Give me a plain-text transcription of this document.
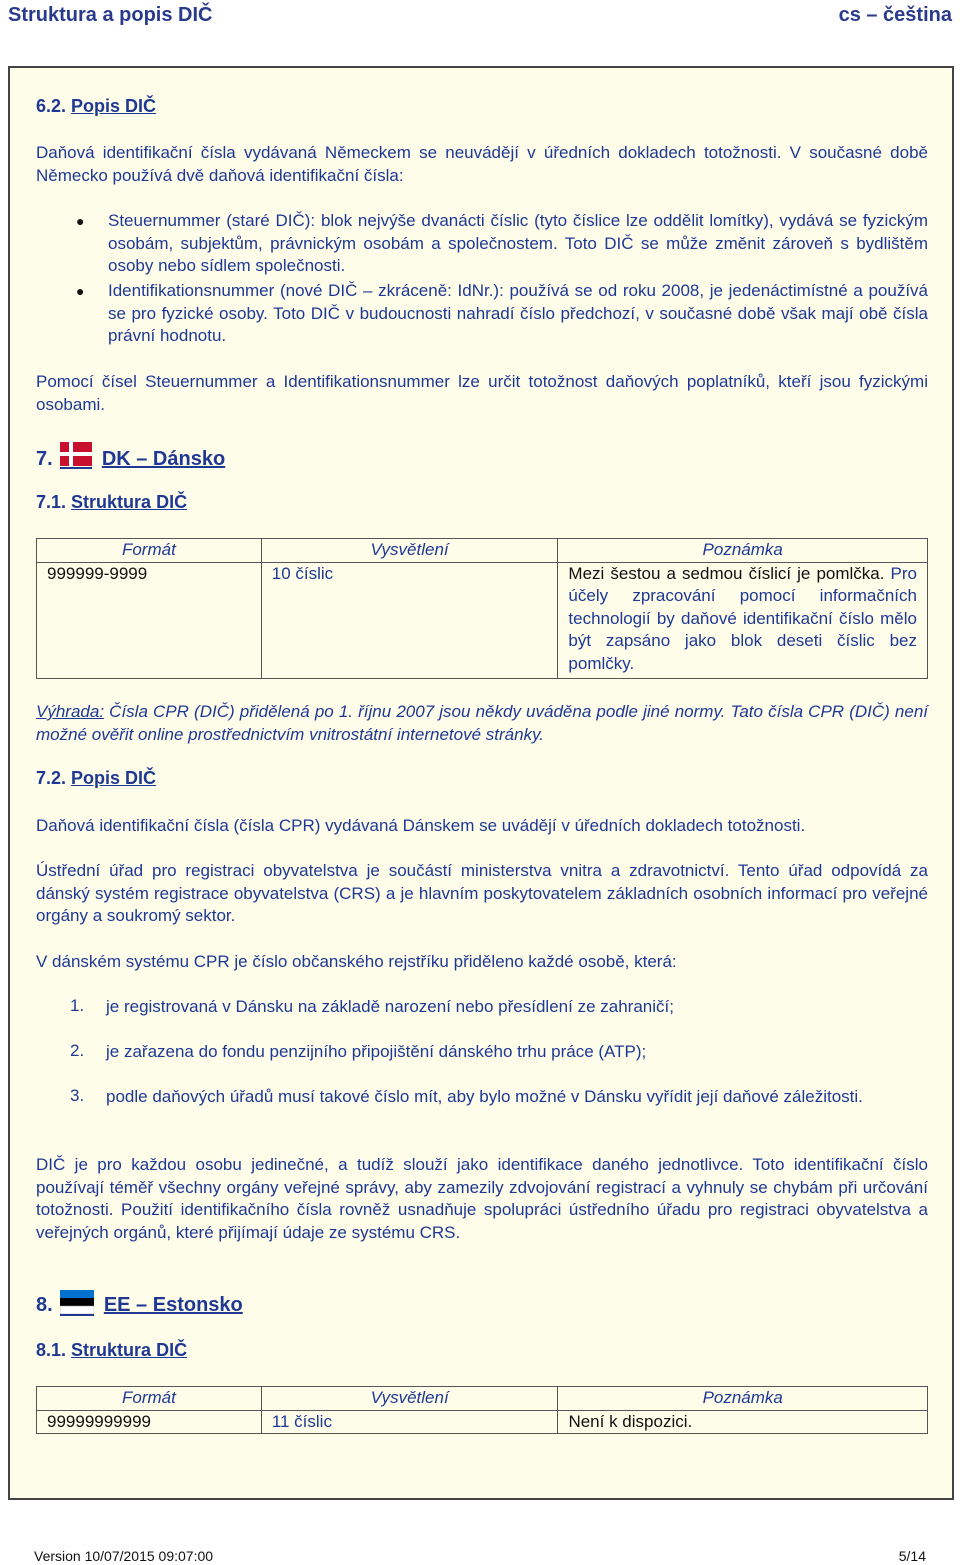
Struktura a popis DIČ	cs – čeština
6.2. Popis DIČ

Daňová identifikační čísla vydávaná Německem se neuvádějí v úředních dokladech totožnosti. V současné době Německo používá dvě daňová identifikační čísla:

● Steuernummer (staré DIČ): blok nejvýše dvanácti číslic (tyto číslice lze oddělit lomítky), vydává se fyzickým osobám, subjektům, právnickým osobám a společnostem. Toto DIČ se může změnit zároveň s bydlištěm osoby nebo sídlem společnosti.
● Identifikationsnummer (nové DIČ – zkráceně: IdNr.): používá se od roku 2008, je jedenáctimístné a používá se pro fyzické osoby. Toto DIČ v budoucnosti nahradí číslo předchozí, v současné době však mají obě čísla právní hodnotu.

Pomocí čísel Steuernummer a Identifikationsnummer lze určit totožnost daňových poplatníků, kteří jsou fyzickými osobami.

7. DK – Dánsko
7.1. Struktura DIČ
Formát	Vysvětlení	Poznámka
999999-9999	10 číslic	Mezi šestou a sedmou číslicí je pomlčka. Pro účely zpracování pomocí informačních technologií by daňové identifikační číslo mělo být zapsáno jako blok deseti číslic bez pomlčky.

Výhrada: Čísla CPR (DIČ) přidělená po 1. říjnu 2007 jsou někdy uváděna podle jiné normy. Tato čísla CPR (DIČ) není možné ověřit online prostřednictvím vnitrostátní internetové stránky.

7.2. Popis DIČ

Daňová identifikační čísla (čísla CPR) vydávaná Dánskem se uvádějí v úředních dokladech totožnosti.

Ústřední úřad pro registraci obyvatelstva je součástí ministerstva vnitra a zdravotnictví. Tento úřad odpovídá za dánský systém registrace obyvatelstva (CRS) a je hlavním poskytovatelem základních osobních informací pro veřejné orgány a soukromý sektor.

V dánském systému CPR je číslo občanského rejstříku přiděleno každé osobě, která:

1. je registrovaná v Dánsku na základě narození nebo přesídlení ze zahraničí;
2. je zařazena do fondu penzijního připojištění dánského trhu práce (ATP);
3. podle daňových úřadů musí takové číslo mít, aby bylo možné v Dánsku vyřídit její daňové záležitosti.

DIČ je pro každou osobu jedinečné, a tudíž slouží jako identifikace daného jednotlivce. Toto identifikační číslo používají téměř všechny orgány veřejné správy, aby zamezily zdvojování registrací a vyhnuly se chybám při určování totožnosti. Použití identifikačního čísla rovněž usnadňuje spolupráci ústředního úřadu pro registraci obyvatelstva a veřejných orgánů, které přijímají údaje ze systému CRS.

8.	EE – Estonsko
8.1. Struktura DIČ
Formát	Vysvětlení	Poznámka
99999999999	11 číslic	Není k dispozici.
Version 10/07/2015 09:07:00	5/14
